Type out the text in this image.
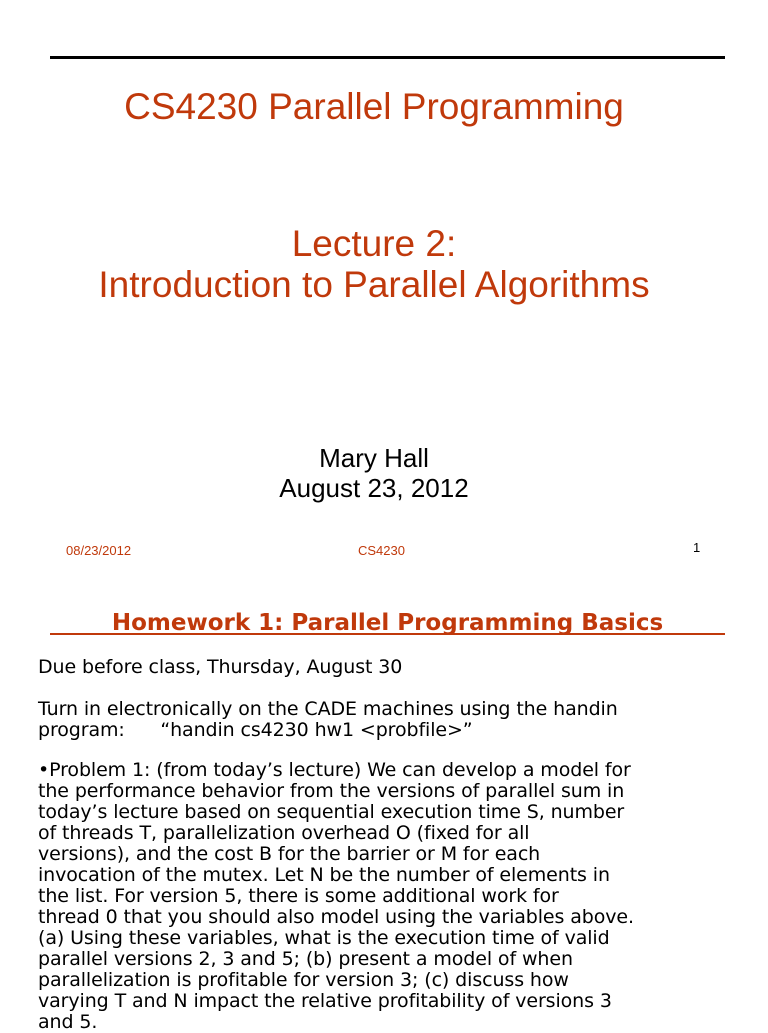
CS4230 Parallel Programming
Lecture 2:
Introduction to Parallel Algorithms
Mary Hall
August 23, 2012
08/23/2012	CS4230	1
Homework 1: Parallel Programming Basics
Due before class, Thursday, August 30
Turn in electronically on the CADE machines using the handin
program:      “handin cs4230 hw1 <probfile>”
•Problem 1: (from today’s lecture) We can develop a model for
the performance behavior from the versions of parallel sum in
today’s lecture based on sequential execution time S, number
of threads T, parallelization overhead O (fixed for all
versions), and the cost B for the barrier or M for each
invocation of the mutex. Let N be the number of elements in
the list. For version 5, there is some additional work for
thread 0 that you should also model using the variables above.
(a) Using these variables, what is the execution time of valid
parallel versions 2, 3 and 5; (b) present a model of when
parallelization is profitable for version 3; (c) discuss how
varying T and N impact the relative profitability of versions 3
and 5.
